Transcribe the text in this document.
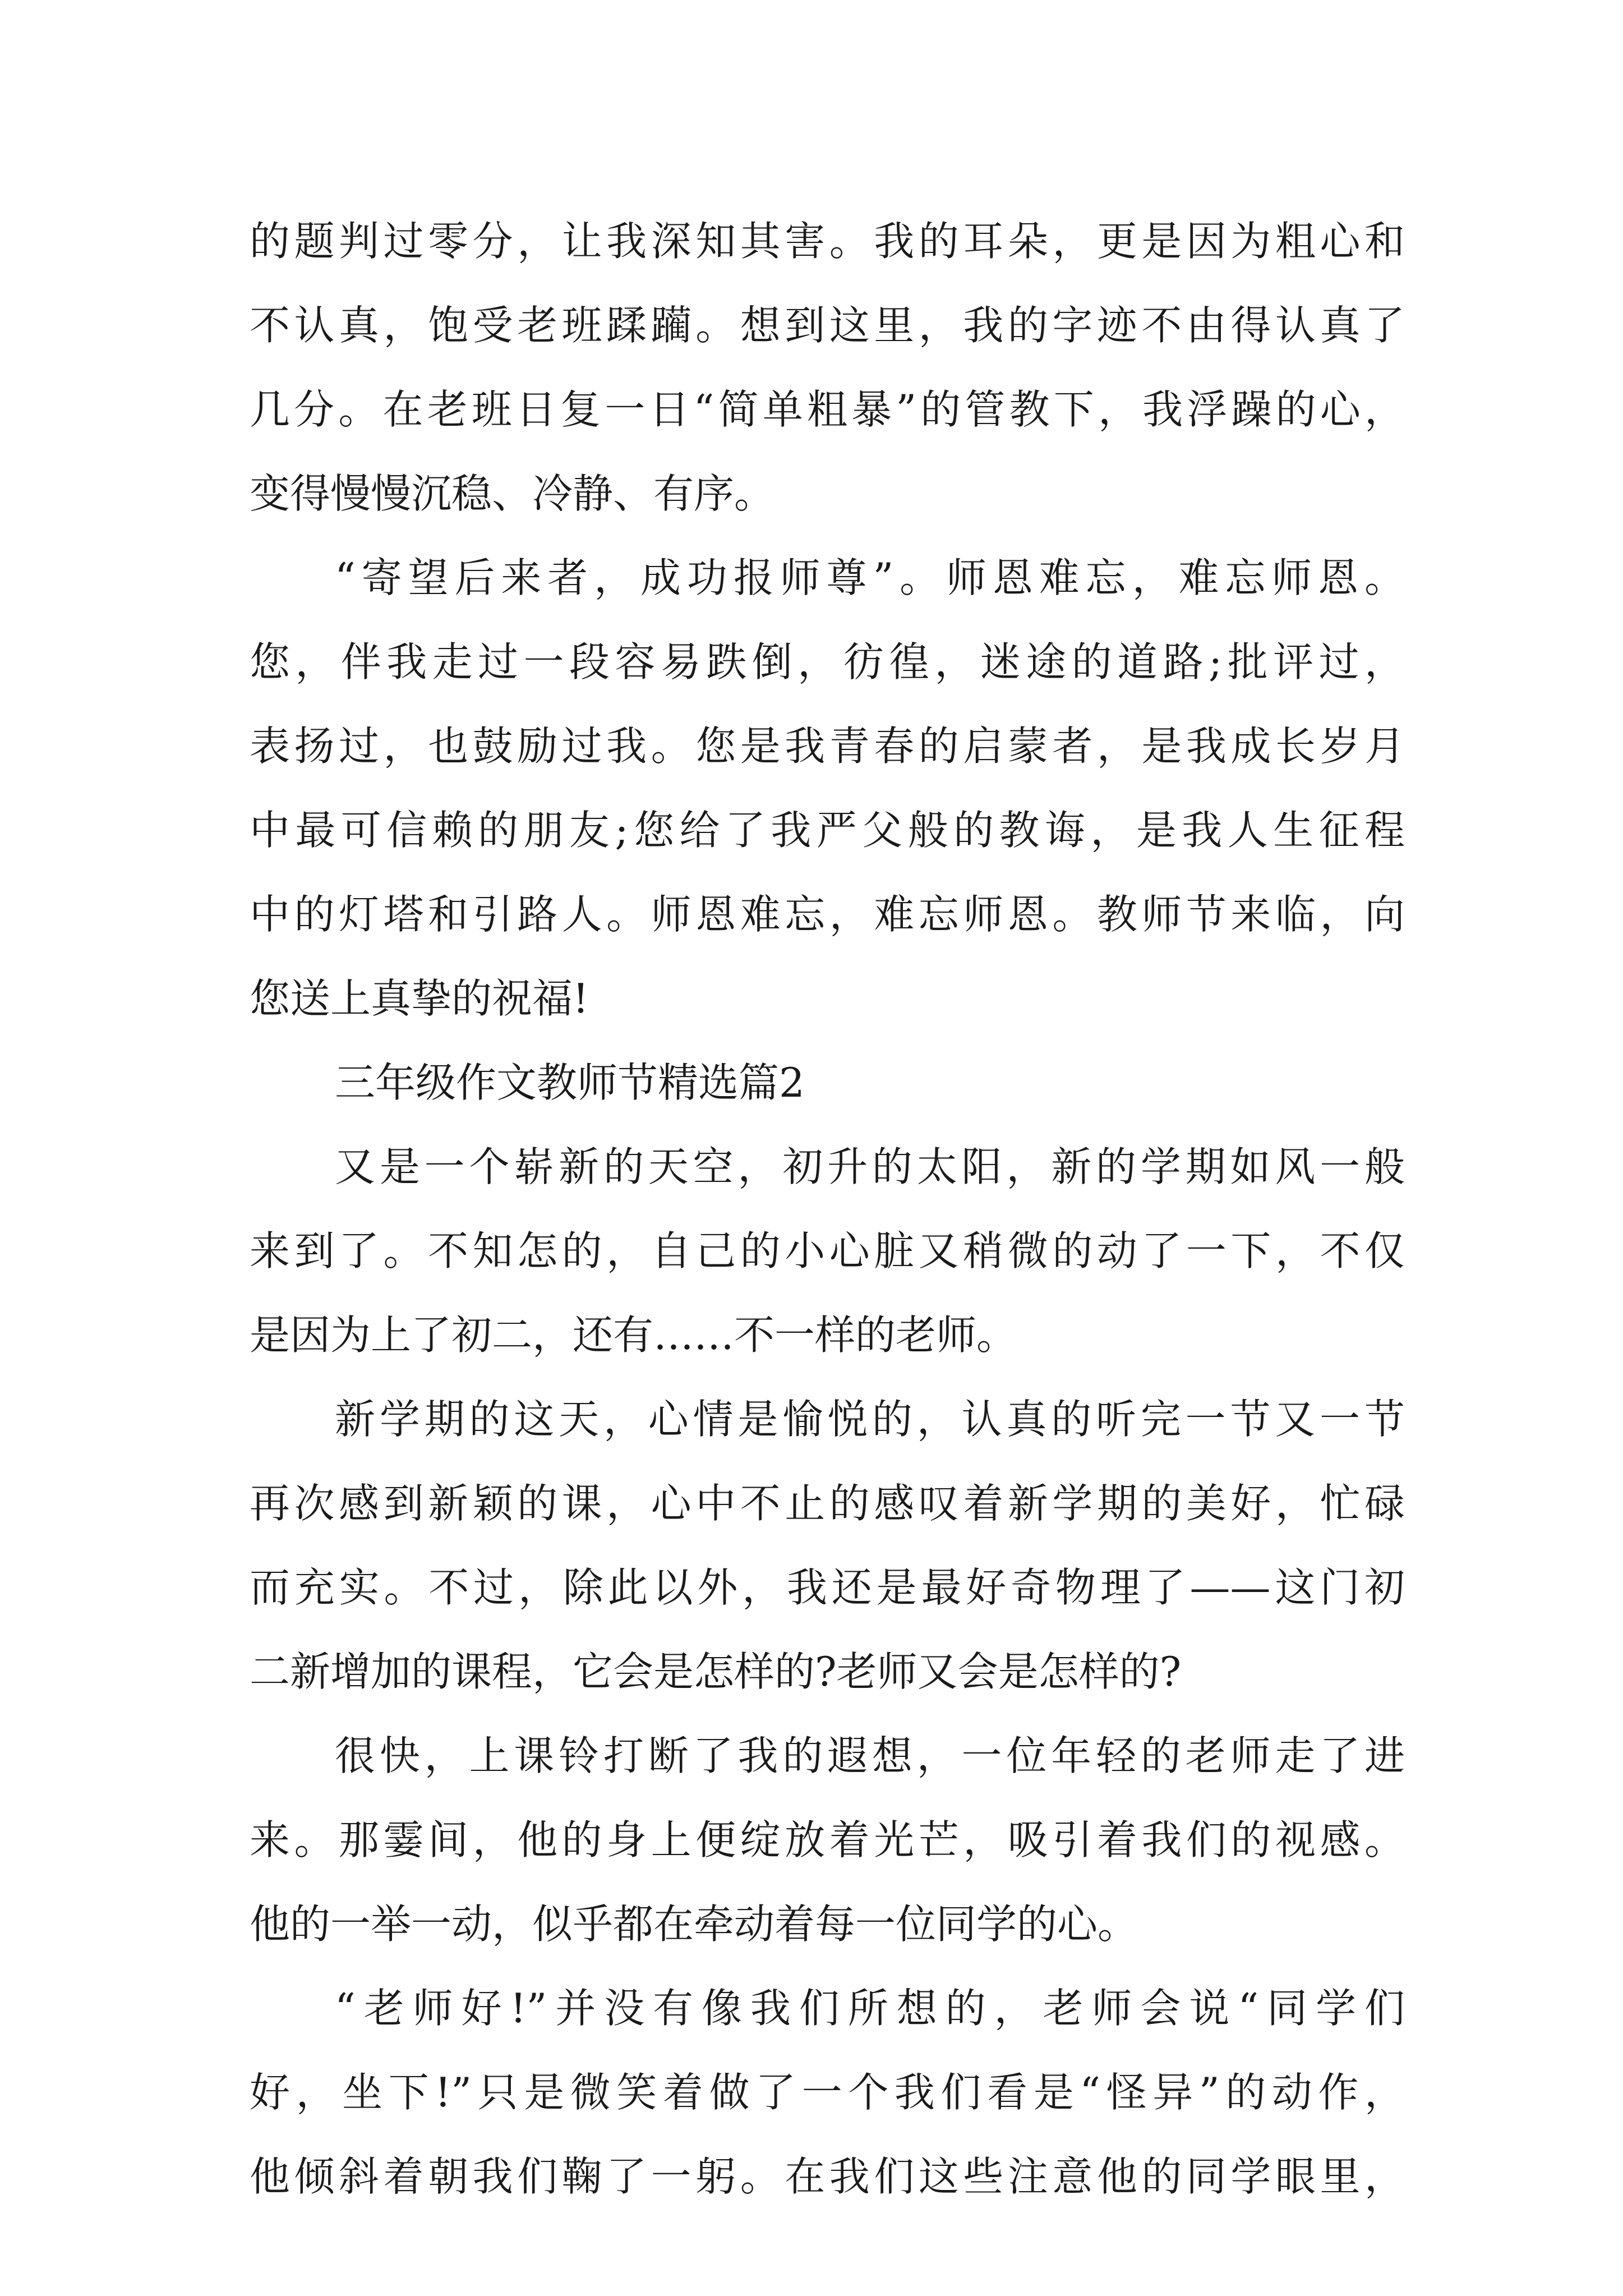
的题判过零分，让我深知其害。我的耳朵，更是因为粗心和
不认真，饱受老班蹂躏。想到这里，我的字迹不由得认真了
几分。在老班日复一日“简单粗暴”的管教下，我浮躁的心，
变得慢慢沉稳、冷静、有序。
“寄望后来者，成功报师尊”。师恩难忘，难忘师恩。
您，伴我走过一段容易跌倒，彷徨，迷途的道路;批评过，
表扬过，也鼓励过我。您是我青春的启蒙者，是我成长岁月
中最可信赖的朋友;您给了我严父般的教诲，是我人生征程
中的灯塔和引路人。师恩难忘，难忘师恩。教师节来临，向
您送上真挚的祝福!
三年级作文教师节精选篇2
又是一个崭新的天空，初升的太阳，新的学期如风一般
来到了。不知怎的，自己的小心脏又稍微的动了一下，不仅
是因为上了初二，还有……不一样的老师。
新学期的这天，心情是愉悦的，认真的听完一节又一节
再次感到新颖的课，心中不止的感叹着新学期的美好，忙碌
而充实。不过，除此以外，我还是最好奇物理了——这门初
二新增加的课程，它会是怎样的?老师又会是怎样的?
很快，上课铃打断了我的遐想，一位年轻的老师走了进
来。那霎间，他的身上便绽放着光芒，吸引着我们的视感。
他的一举一动，似乎都在牵动着每一位同学的心。
“老师好!”并没有像我们所想的，老师会说“同学们
好，坐下!”只是微笑着做了一个我们看是“怪异”的动作，
他倾斜着朝我们鞠了一躬。在我们这些注意他的同学眼里，
